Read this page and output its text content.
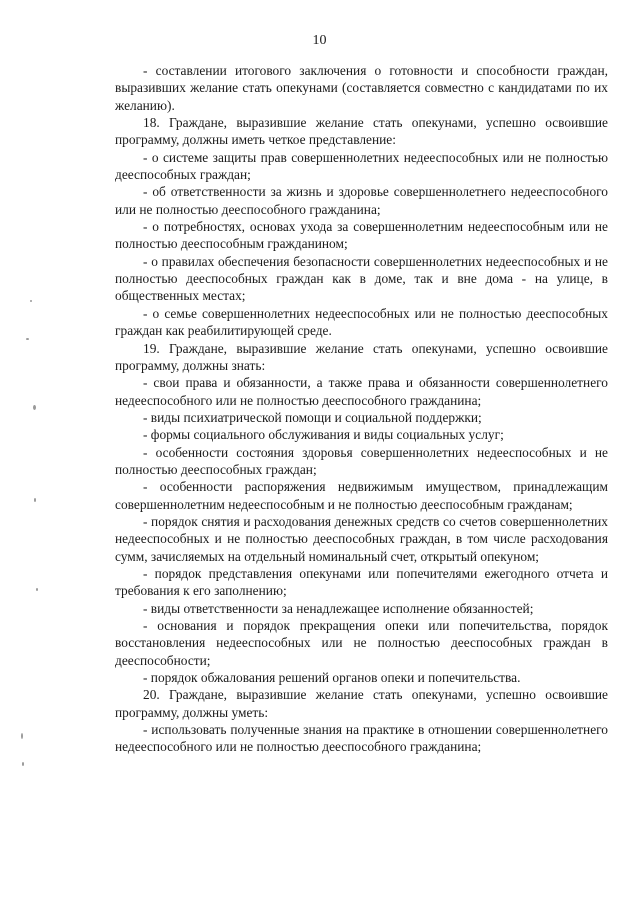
10

- составлении итогового заключения о готовности и способности граждан, выразивших желание стать опекунами (составляется совместно с кандидатами по их желанию).

18. Граждане, выразившие желание стать опекунами, успешно освоившие программу, должны иметь четкое представление:

- о системе защиты прав совершеннолетних недееспособных или не полностью дееспособных граждан;

- об ответственности за жизнь и здоровье совершеннолетнего недееспособного или не полностью дееспособного гражданина;

- о потребностях, основах ухода за совершеннолетним недееспособным или не полностью дееспособным гражданином;

- о правилах обеспечения безопасности совершеннолетних недееспособных и не полностью дееспособных граждан как в доме, так и вне дома - на улице, в общественных местах;

- о семье совершеннолетних недееспособных или не полностью дееспособных граждан как реабилитирующей среде.

19. Граждане, выразившие желание стать опекунами, успешно освоившие программу, должны знать:

- свои права и обязанности, а также права и обязанности совершеннолетнего недееспособного или не полностью дееспособного гражданина;

- виды психиатрической помощи и социальной поддержки;

- формы социального обслуживания и виды социальных услуг;

- особенности состояния здоровья совершеннолетних недееспособных и не полностью дееспособных граждан;

- особенности распоряжения недвижимым имуществом, принадлежащим совершеннолетним недееспособным и не полностью дееспособным гражданам;

- порядок снятия и расходования денежных средств со счетов совершеннолетних недееспособных и не полностью дееспособных граждан, в том числе расходования сумм, зачисляемых на отдельный номинальный счет, открытый опекуном;

- порядок представления опекунами или попечителями ежегодного отчета и требования к его заполнению;

- виды ответственности за ненадлежащее исполнение обязанностей;

- основания и порядок прекращения опеки или попечительства, порядок восстановления недееспособных или не полностью дееспособных граждан в дееспособности;

- порядок обжалования решений органов опеки и попечительства.

20. Граждане, выразившие желание стать опекунами, успешно освоившие программу, должны уметь:

- использовать полученные знания на практике в отношении совершеннолетнего недееспособного или не полностью дееспособного гражданина;
